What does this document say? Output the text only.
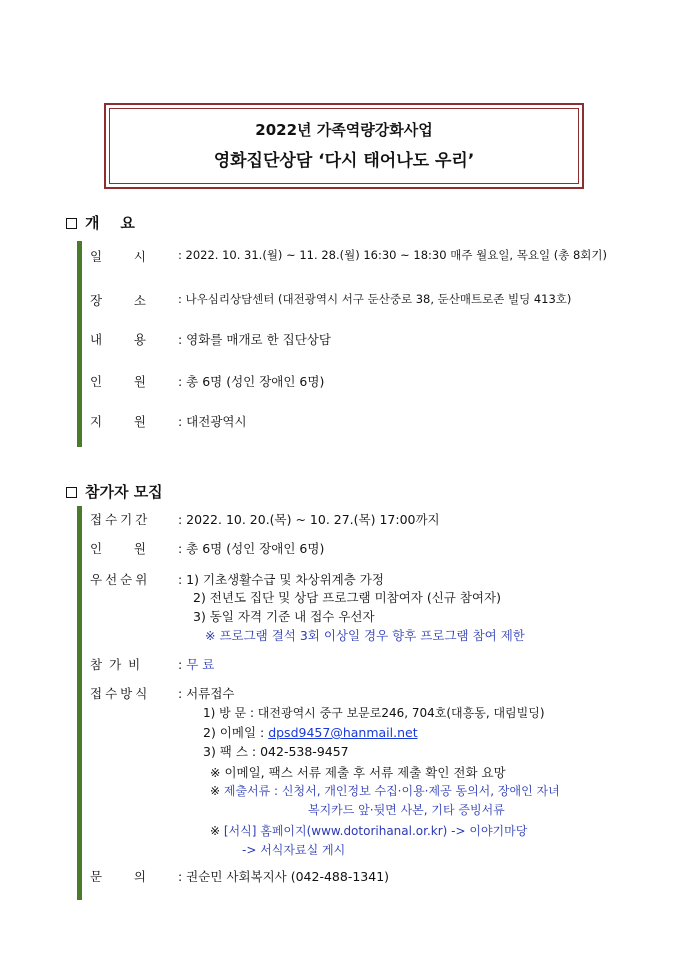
2022년 가족역량강화사업
영화집단상담 ‘다시 태어나도 우리’
개    요
일        시	: 2022. 10. 31.(월) ~ 11. 28.(월) 16:30 ~ 18:30 매주 월요일, 목요일 (총 8회기)
장        소	: 나우심리상담센터 (대전광역시 서구 둔산중로 38, 둔산매트로존 빌딩 413호)
내        용	: 영화를 매개로 한 집단상담
인        원	: 총 6명 (성인 장애인 6명)
지        원	: 대전광역시
참가자 모집
접수기간 : 2022. 10. 20.(목) ~ 10. 27.(목) 17:00까지
인        원	: 총 6명 (성인 장애인 6명)
우선순위 : 1) 기초생활수급 및 차상위계층 가정
2) 전년도 집단 및 상담 프로그램 미참여자 (신규 참여자)
3) 동일 자격 기준 내 접수 우선자
※ 프로그램 결석 3회 이상일 경우 향후 프로그램 참여 제한
참가비 : 무 료
접수방식 : 서류접수
1) 방 문 : 대전광역시 중구 보문로246, 704호(대흥동, 대림빌딩)
2) 이메일 : dpsd9457@hanmail.net
3) 팩 스 : 042-538-9457
※ 이메일, 팩스 서류 제출 후 서류 제출 확인 전화 요망
※ 제출서류 : 신청서, 개인정보 수집·이용·제공 동의서, 장애인 자녀
복지카드 앞·뒷면 사본, 기타 증빙서류
※ [서식] 홈페이지(www.dotorihanal.or.kr) -> 이야기마당
-> 서식자료실 게시
문        의	: 권순민 사회복지사 (042-488-1341)
